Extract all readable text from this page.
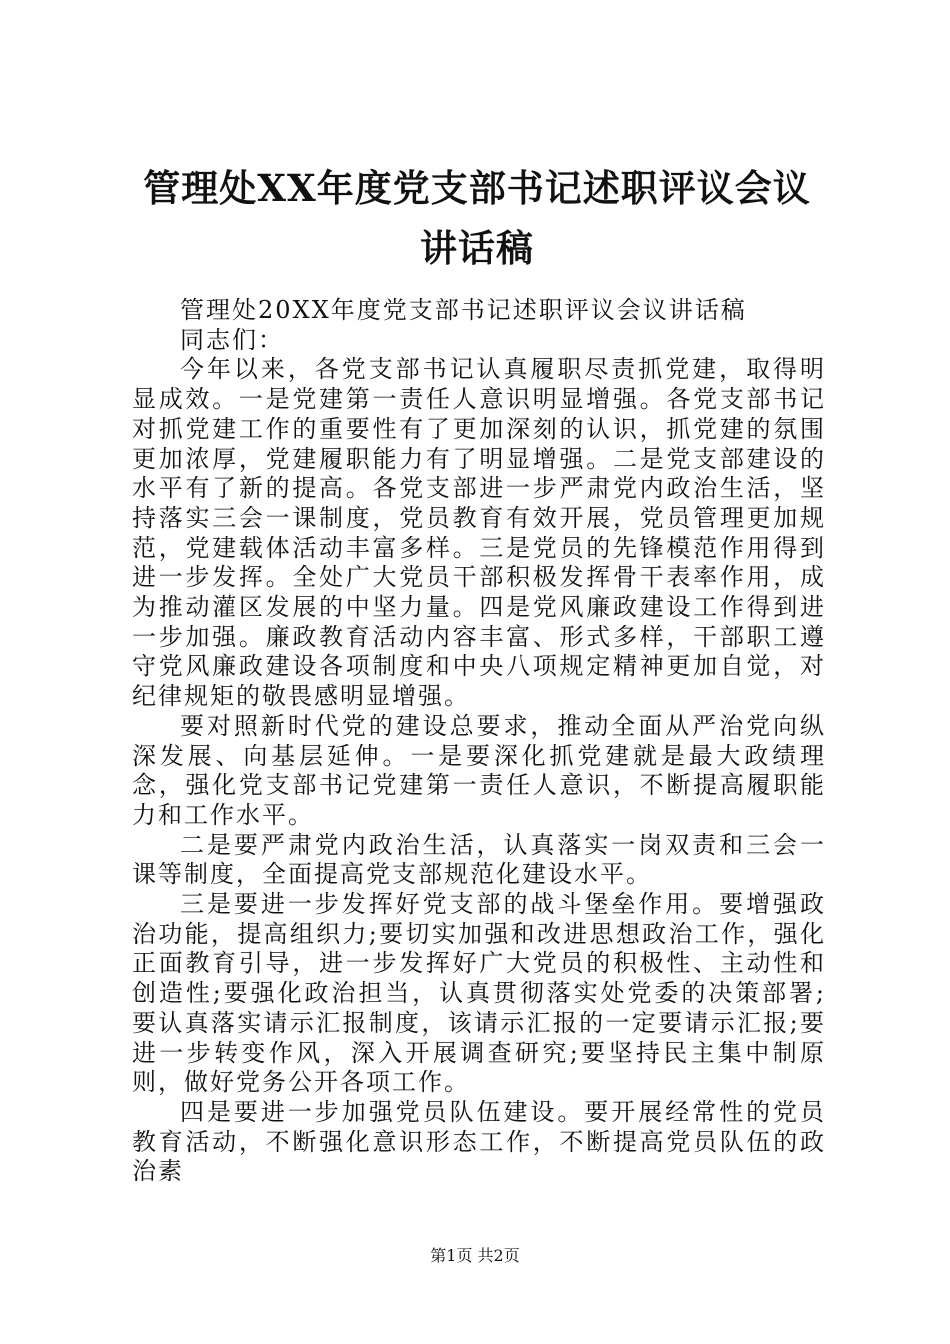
管理处XX年度党支部书记述职评议会议讲话稿

管理处20XX年度党支部书记述职评议会议讲话稿

同志们：

今年以来，各党支部书记认真履职尽责抓党建，取得明显成效。一是党建第一责任人意识明显增强。各党支部书记对抓党建工作的重要性有了更加深刻的认识，抓党建的氛围更加浓厚，党建履职能力有了明显增强。二是党支部建设的水平有了新的提高。各党支部进一步严肃党内政治生活，坚持落实三会一课制度，党员教育有效开展，党员管理更加规范，党建载体活动丰富多样。三是党员的先锋模范作用得到进一步发挥。全处广大党员干部积极发挥骨干表率作用，成为推动灌区发展的中坚力量。四是党风廉政建设工作得到进一步加强。廉政教育活动内容丰富、形式多样，干部职工遵守党风廉政建设各项制度和中央八项规定精神更加自觉，对纪律规矩的敬畏感明显增强。

要对照新时代党的建设总要求，推动全面从严治党向纵深发展、向基层延伸。一是要深化抓党建就是最大政绩理念，强化党支部书记党建第一责任人意识，不断提高履职能力和工作水平。

二是要严肃党内政治生活，认真落实一岗双责和三会一课等制度，全面提高党支部规范化建设水平。

三是要进一步发挥好党支部的战斗堡垒作用。要增强政治功能，提高组织力;要切实加强和改进思想政治工作，强化正面教育引导，进一步发挥好广大党员的积极性、主动性和创造性;要强化政治担当，认真贯彻落实处党委的决策部署;要认真落实请示汇报制度，该请示汇报的一定要请示汇报;要进一步转变作风，深入开展调查研究;要坚持民主集中制原则，做好党务公开各项工作。

四是要进一步加强党员队伍建设。要开展经常性的党员教育活动，不断强化意识形态工作，不断提高党员队伍的政治素

第1页 共2页
